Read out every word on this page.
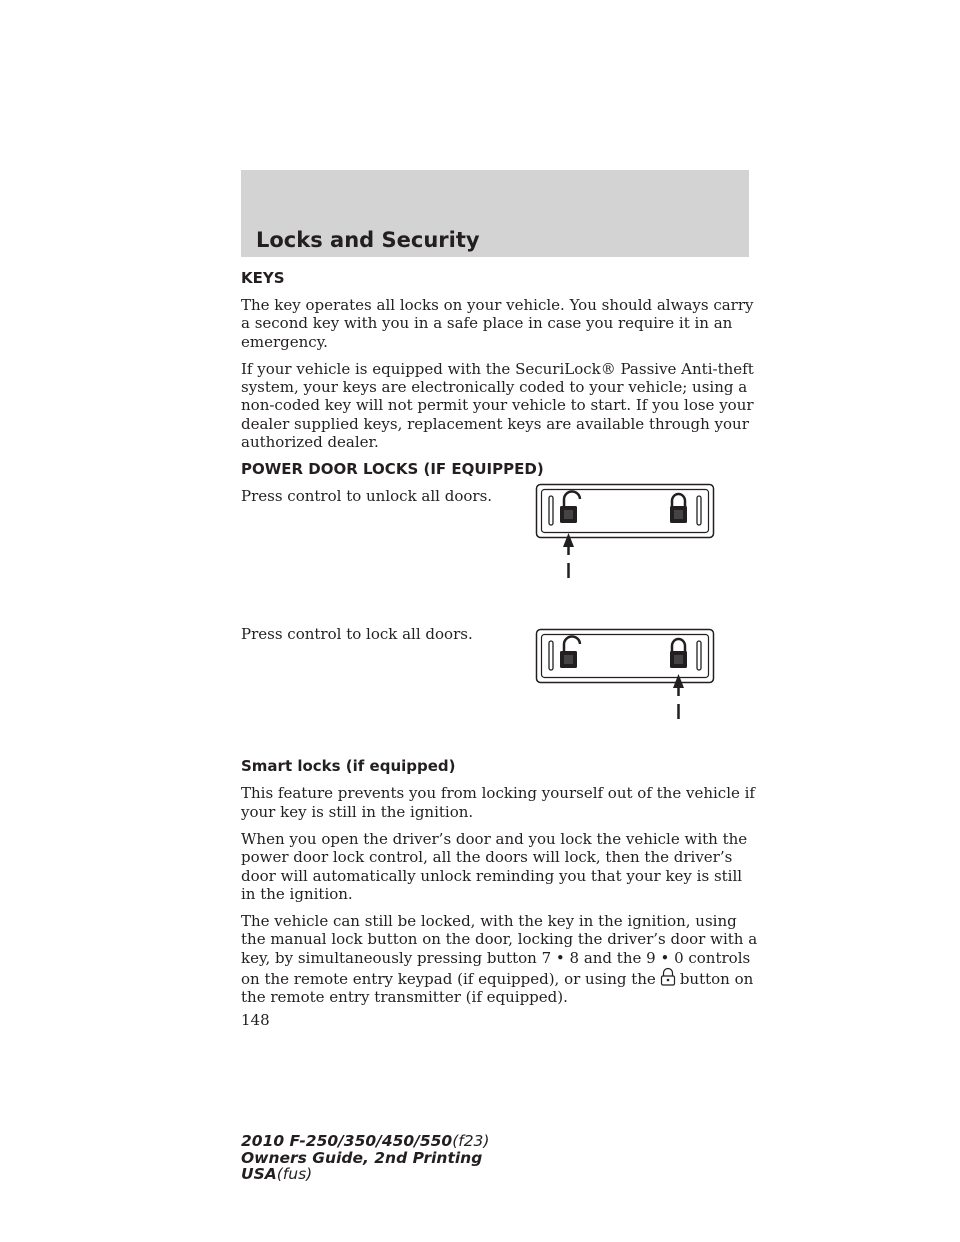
Locks and Security
KEYS

The key operates all locks on your vehicle. You should always carry a second key with you in a safe place in case you require it in an emergency.

If your vehicle is equipped with the SecuriLock® Passive Anti-theft system, your keys are electronically coded to your vehicle; using a non-coded key will not permit your vehicle to start. If you lose your dealer supplied keys, replacement keys are available through your authorized dealer.

POWER DOOR LOCKS (IF EQUIPPED)

Press control to unlock all doors.

Press control to lock all doors.

Smart locks (if equipped)

This feature prevents you from locking yourself out of the vehicle if your key is still in the ignition.

When you open the driver’s door and you lock the vehicle with the power door lock control, all the doors will lock, then the driver’s door will automatically unlock reminding you that your key is still in the ignition.

The vehicle can still be locked, with the key in the ignition, using the manual lock button on the door, locking the driver’s door with a key, by simultaneously pressing button 7 • 8 and the 9 • 0 controls on the remote entry keypad (if equipped), or using the button on the remote entry transmitter (if equipped).

148

2010 F-250/350/450/550(f23)
Owners Guide, 2nd Printing
USA(fus)
